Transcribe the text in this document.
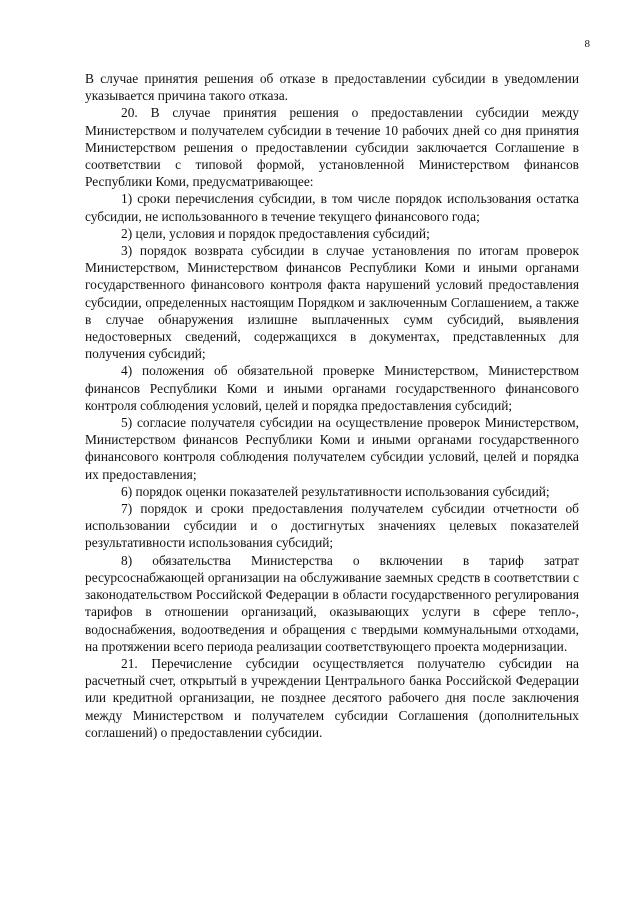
8

В случае принятия решения об отказе в предоставлении субсидии в уведомлении указывается причина такого отказа.

20. В случае принятия решения о предоставлении субсидии между Министерством и получателем субсидии в течение 10 рабочих дней со дня принятия Министерством решения о предоставлении субсидии заключается Соглашение в соответствии с типовой формой, установленной Министерством финансов Республики Коми, предусматривающее:

1) сроки перечисления субсидии, в том числе порядок использования остатка субсидии, не использованного в течение текущего финансового года;

2) цели, условия и порядок предоставления субсидий;

3) порядок возврата субсидии в случае установления по итогам проверок Министерством, Министерством финансов Республики Коми и иными органами государственного финансового контроля факта нарушений условий предоставления субсидии, определенных настоящим Порядком и заключенным Соглашением, а также в случае обнаружения излишне выплаченных сумм субсидий, выявления недостоверных сведений, содержащихся в документах, представленных для получения субсидий;

4) положения об обязательной проверке Министерством, Министерством финансов Республики Коми и иными органами государственного финансового контроля соблюдения условий, целей и порядка предоставления субсидий;

5) согласие получателя субсидии на осуществление проверок Министерством, Министерством финансов Республики Коми и иными органами государственного финансового контроля соблюдения получателем субсидии условий, целей и порядка их предоставления;

6) порядок оценки показателей результативности использования субсидий;

7) порядок и сроки предоставления получателем субсидии отчетности об использовании субсидии и о достигнутых значениях целевых показателей результативности использования субсидий;

8) обязательства Министерства о включении в тариф затрат ресурсоснабжающей организации на обслуживание заемных средств в соответствии с законодательством Российской Федерации в области государственного регулирования тарифов в отношении организаций, оказывающих услуги в сфере тепло-, водоснабжения, водоотведения и обращения с твердыми коммунальными отходами, на протяжении всего периода реализации соответствующего проекта модернизации.

21. Перечисление субсидии осуществляется получателю субсидии на расчетный счет, открытый в учреждении Центрального банка Российской Федерации или кредитной организации, не позднее десятого рабочего дня после заключения между Министерством и получателем субсидии Соглашения (дополнительных соглашений) о предоставлении субсидии.
